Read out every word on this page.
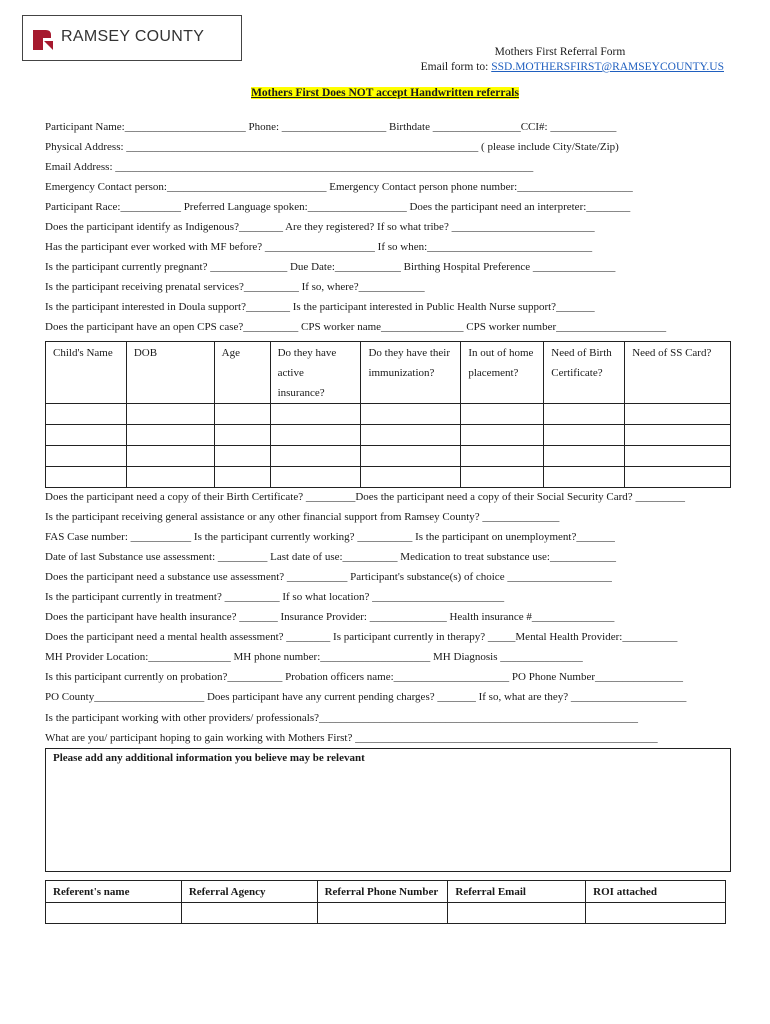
RAMSEY COUNTY
Mothers First Referral Form
Email form to: SSD.MOTHERSFIRST@RAMSEYCOUNTY.US
Mothers First Does NOT accept Handwritten referrals
Participant Name:______________________ Phone: ___________________ Birthdate ________________CCI#: ____________
Physical Address: ________________________________________________________________ ( please include City/State/Zip)
Email Address: ____________________________________________________________________________
Emergency Contact person:_____________________________ Emergency Contact person phone number:_____________________
Participant Race:___________ Preferred Language spoken:__________________ Does the participant need an interpreter:________
Does the participant identify as Indigenous?________ Are they registered? If so what tribe? __________________________
Has the participant ever worked with MF before? ____________________ If so when:______________________________
Is the participant currently pregnant? ______________ Due Date:____________ Birthing Hospital Preference _______________
Is the participant receiving prenatal services?__________ If so, where?____________
Is the participant interested in Doula support?________ Is the participant interested in Public Health Nurse support?_______
Does the participant have an open CPS case?__________ CPS worker name_______________ CPS worker number____________________
Child's Name	DOB	Age	Do they have active insurance?	Do they have their immunization?	In out of home placement?	Need of Birth Certificate?	Need of SS Card?

Does the participant need a copy of their Birth Certificate? _________Does the participant need a copy of their Social Security Card? _________
Is the participant receiving general assistance or any other financial support from Ramsey County? ______________
FAS Case number: ___________ Is the participant currently working? __________ Is the participant on unemployment?_______
Date of last Substance use assessment: _________ Last date of use:__________ Medication to treat substance use:____________
Does the participant need a substance use assessment? ___________ Participant's substance(s) of choice ___________________
Is the participant currently in treatment? __________ If so what location? ________________________
Does the participant have health insurance? _______ Insurance Provider: ______________ Health insurance #_______________
Does the participant need a mental health assessment? ________ Is participant currently in therapy? _____Mental Health Provider:__________
MH Provider Location:_______________ MH phone number:____________________ MH Diagnosis _______________
Is this participant currently on probation?__________ Probation officers name:_____________________ PO Phone Number________________
PO County____________________ Does participant have any current pending charges? _______ If so, what are they? _____________________
Is the participant working with other providers/ professionals?__________________________________________________________
What are you/ participant hoping to gain working with Mothers First? _______________________________________________________
Please add any additional information you believe may be relevant
Referent's name	Referral Agency	Referral Phone Number	Referral Email	ROI attached
